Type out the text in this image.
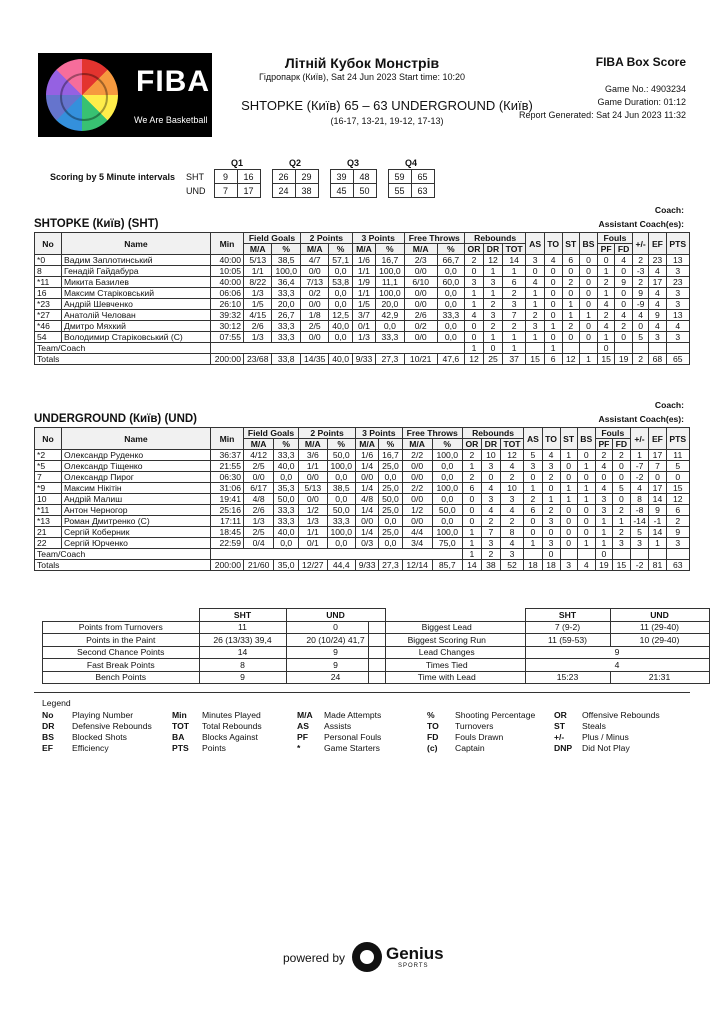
FIBA
We Are Basketball
Літній Кубок Монстрів
Гідропарк (Київ), Sat 24 Jun 2023 Start time: 10:20
SHTOPKE (Київ) 65 – 63 UNDERGROUND (Київ)
(16-17, 13-21, 19-12, 17-13)
FIBA Box Score
Game No.: 4903234
Game Duration: 01:12
Report Generated: Sat 24 Jun 2023 11:32
		Q1			Q2			Q3			Q4	
Scoring by 5 Minute intervals	SHT	9	16		26	29		39	48		59	65
	UND	7	17		24	38		45	50		55	63
Coach:
SHTOPKE (Київ) (SHT)	Assistant Coach(es):
No	Name	Min	Field Goals		2 Points		3 Points		Free Throws		Rebounds			AS	TO	ST	BS	Fouls		+/-	EF	PTS
			M/A	%	M/A	%	M/A	%	M/A	%	OR	DR	TOT					PF	FD			
*0	Вадим Заплотинський	40:00	5/13	38,5	4/7	57,1	1/6	16,7	2/3	66,7	2	12	14	3	4	6	0	0	4	2	23	13
8	Генадій Гайдабура	10:05	1/1	100,0	0/0	0,0	1/1	100,0	0/0	0,0	0	1	1	0	0	0	0	1	0	-3	4	3
*11	Микита Базилев	40:00	8/22	36,4	7/13	53,8	1/9	11,1	6/10	60,0	3	3	6	4	0	2	0	2	9	2	17	23
16	Максим Старіковський	06:06	1/3	33,3	0/2	0,0	1/1	100,0	0/0	0,0	1	1	2	1	0	0	0	1	0	9	4	3
*23	Андрій Шевченко	26:10	1/5	20,0	0/0	0,0	1/5	20,0	0/0	0,0	1	2	3	1	0	1	0	4	0	-9	4	3
*27	Анатолій Челован	39:32	4/15	26,7	1/8	12,5	3/7	42,9	2/6	33,3	4	3	7	2	0	1	1	2	4	4	9	13
*46	Дмитро Мяхкий	30:12	2/6	33,3	2/5	40,0	0/1	0,0	0/2	0,0	0	2	2	3	1	2	0	4	2	0	4	4
54	Володимир Старіковський (C)	07:55	1/3	33,3	0/0	0,0	1/3	33,3	0/0	0,0	0	1	1	1	0	0	0	1	0	5	3	3
Team/Coach											1	0	1		1			0				
Totals		200:00	23/68	33,8	14/35	40,0	9/33	27,3	10/21	47,6	12	25	37	15	6	12	1	15	19	2	68	65
Coach:
UNDERGROUND (Київ) (UND)	Assistant Coach(es):
No	Name	Min	Field Goals		2 Points		3 Points		Free Throws		Rebounds			AS	TO	ST	BS	Fouls		+/-	EF	PTS
			M/A	%	M/A	%	M/A	%	M/A	%	OR	DR	TOT					PF	FD			
*2	Олександр Руденко	36:37	4/12	33,3	3/6	50,0	1/6	16,7	2/2	100,0	2	10	12	5	4	1	0	2	2	1	17	11
*5	Олександр Тіщенко	21:55	2/5	40,0	1/1	100,0	1/4	25,0	0/0	0,0	1	3	4	3	3	0	1	4	0	-7	7	5
7	Олександр Пирог	06:30	0/0	0,0	0/0	0,0	0/0	0,0	0/0	0,0	2	0	2	0	2	0	0	0	0	-2	0	0
*9	Максим Нікітін	31:06	6/17	35,3	5/13	38,5	1/4	25,0	2/2	100,0	6	4	10	1	0	1	1	4	5	4	17	15
10	Андрій Малиш	19:41	4/8	50,0	0/0	0,0	4/8	50,0	0/0	0,0	0	3	3	2	1	1	1	3	0	8	14	12
*11	Антон Черногор	25:16	2/6	33,3	1/2	50,0	1/4	25,0	1/2	50,0	0	4	4	6	2	0	0	3	2	-8	9	6
*13	Роман Дмитренко (C)	17:11	1/3	33,3	1/3	33,3	0/0	0,0	0/0	0,0	0	2	2	0	3	0	0	1	1	-14	-1	2
21	Сергій Коберник	18:45	2/5	40,0	1/1	100,0	1/4	25,0	4/4	100,0	1	7	8	0	0	0	0	1	2	5	14	9
22	Сергій Юрченко	22:59	0/4	0,0	0/1	0,0	0/3	0,0	3/4	75,0	1	3	4	1	3	0	1	1	3	3	1	3
Team/Coach											1	2	3		0			0				
Totals		200:00	21/60	35,0	12/27	44,4	9/33	27,3	12/14	85,7	14	38	52	18	18	3	4	19	15	-2	81	63
	SHT	UND
Points from Turnovers	11	0
Points in the Paint	26 (13/33) 39,4	20 (10/24) 41,7
Second Chance Points	14	9
Fast Break Points	8	9
Bench Points	9	24
	SHT	UND
Biggest Lead	7 (9-2)	11 (29-40)
Biggest Scoring Run	11 (59-53)	10 (29-40)
Lead Changes	9	
Times Tied	4	
Time with Lead	15:23	21:31
Legend
No Playing Number	Min Minutes Played	M/A Made Attempts	% Shooting Percentage OR Offensive Rebounds
DR Defensive Rebounds TOT Total Rebounds	AS Assists	TO Turnovers	ST Steals
BS Blocked Shots	BA Blocks Against	PF Personal Fouls	FD Fouls Drawn	+/- Plus / Minus
EF Efficiency	PTS Points	*	Game Starters	(c) Captain	DNP Did Not Play
powered by Genius
SPORTS
